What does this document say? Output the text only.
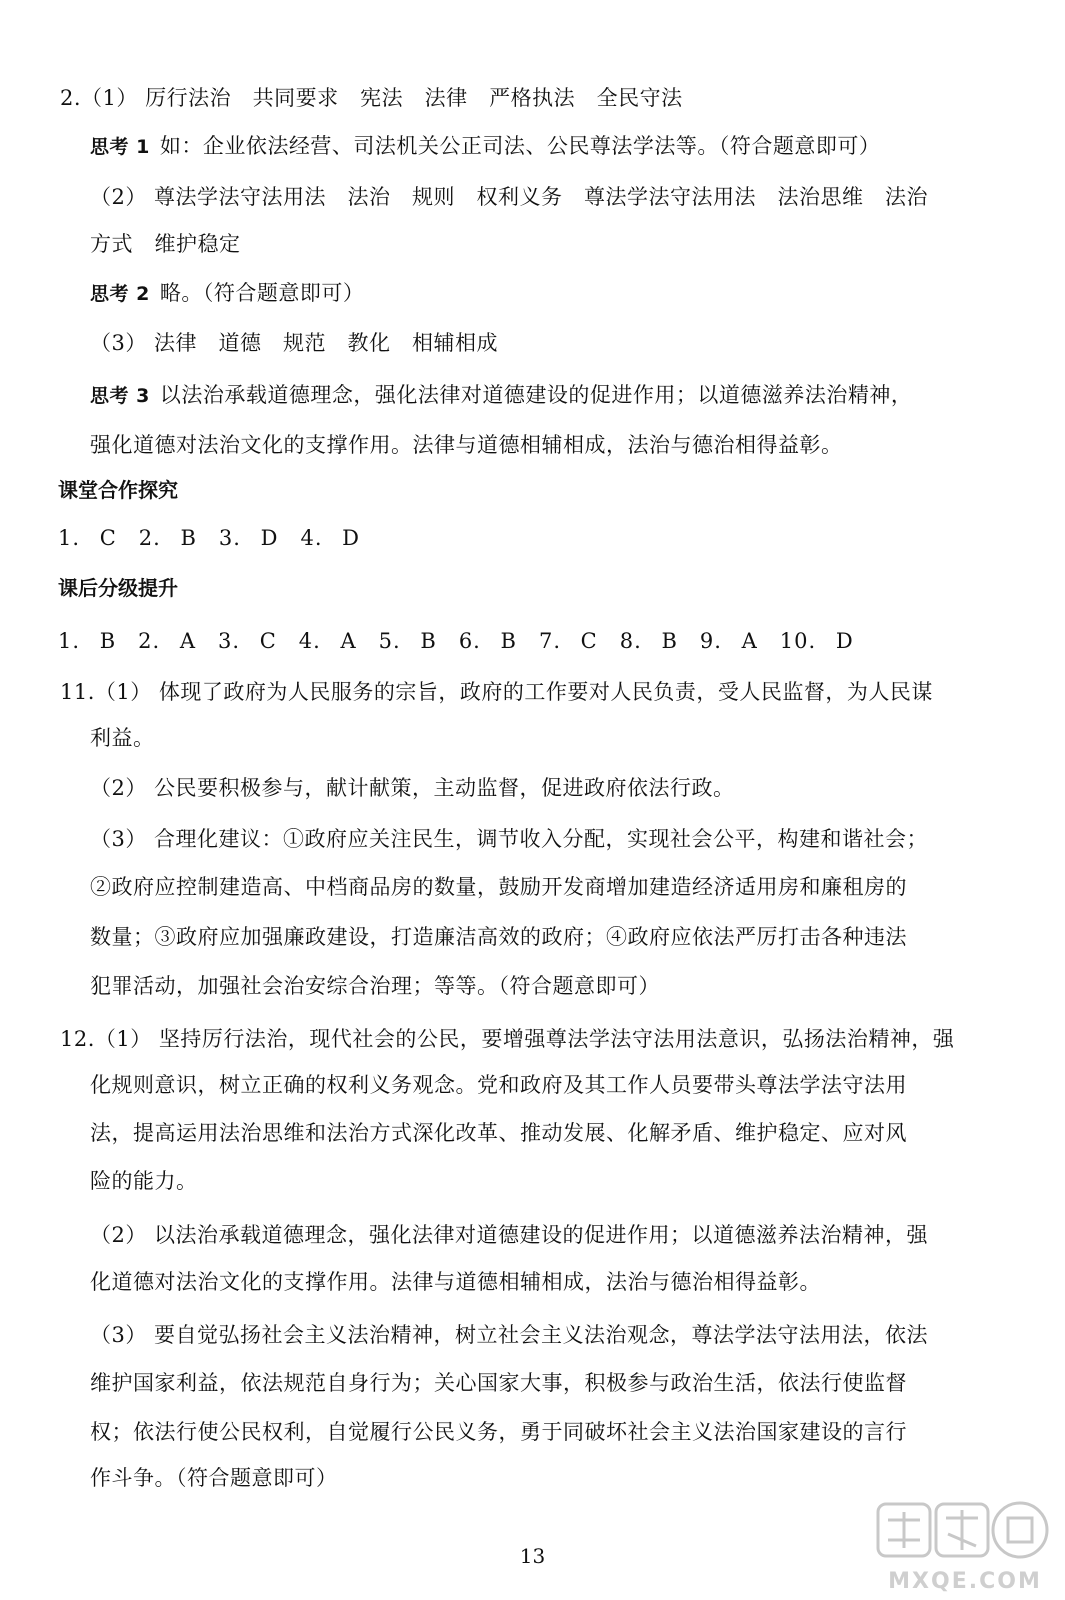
2.（1） 厉行法治　共同要求　宪法　法律　严格执法　全民守法
思考 1 如：企业依法经营、司法机关公正司法、公民尊法学法等。（符合题意即可）
（2） 尊法学法守法用法　法治　规则　权利义务　尊法学法守法用法　法治思维　法治
方式　维护稳定
思考 2 略。（符合题意即可）
（3） 法律　道德　规范　教化　相辅相成
思考 3 以法治承载道德理念，强化法律对道德建设的促进作用；以道德滋养法治精神，
强化道德对法治文化的支撑作用。法律与道德相辅相成，法治与德治相得益彰。
课堂合作探究
1. C　2. B　3. D　4. D
课后分级提升
1. B　2. A　3. C　4. A　5. B　6. B　7. C　8. B　9. A　10. D
11.（1） 体现了政府为人民服务的宗旨，政府的工作要对人民负责，受人民监督，为人民谋
利益。
（2） 公民要积极参与，献计献策，主动监督，促进政府依法行政。
（3） 合理化建议：①政府应关注民生，调节收入分配，实现社会公平，构建和谐社会；
②政府应控制建造高、中档商品房的数量，鼓励开发商增加建造经济适用房和廉租房的
数量；③政府应加强廉政建设，打造廉洁高效的政府；④政府应依法严厉打击各种违法
犯罪活动，加强社会治安综合治理；等等。（符合题意即可）
12.（1） 坚持厉行法治，现代社会的公民，要增强尊法学法守法用法意识，弘扬法治精神，强
化规则意识，树立正确的权利义务观念。党和政府及其工作人员要带头尊法学法守法用
法，提高运用法治思维和法治方式深化改革、推动发展、化解矛盾、维护稳定、应对风
险的能力。
（2） 以法治承载道德理念，强化法律对道德建设的促进作用；以道德滋养法治精神，强
化道德对法治文化的支撑作用。法律与道德相辅相成，法治与德治相得益彰。
（3） 要自觉弘扬社会主义法治精神，树立社会主义法治观念，尊法学法守法用法，依法
维护国家利益，依法规范自身行为；关心国家大事，积极参与政治生活，依法行使监督
权；依法行使公民权利，自觉履行公民义务，勇于同破坏社会主义法治国家建设的言行
作斗争。（符合题意即可）
13
MXQE.COM
